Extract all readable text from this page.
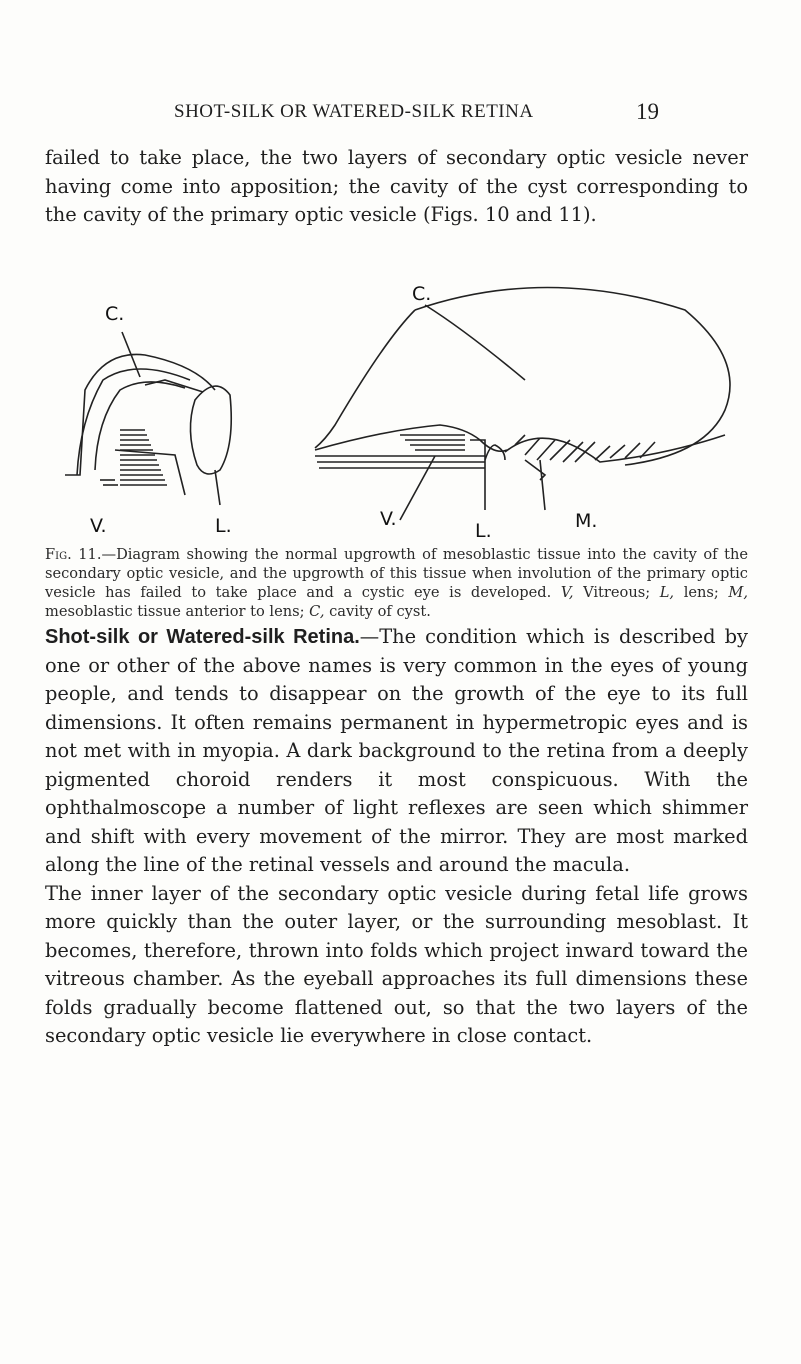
SHOT-SILK OR WATERED-SILK RETINA	19

failed to take place, the two layers of secondary optic vesicle never having come into apposition; the cavity of the cyst corresponding to the cavity of the primary optic vesicle (Figs. 10 and 11).

C.
V.	L.
C.
V.
L.	M.

Fig. 11.—Diagram showing the normal upgrowth of mesoblastic tissue into the cavity of the secondary optic vesicle, and the upgrowth of this tissue when involution of the primary optic vesicle has failed to take place and a cystic eye is developed. V, Vitreous; L, lens; M, mesoblastic tissue anterior to lens; C, cavity of cyst.

Shot-silk or Watered-silk Retina.—The condition which is described by one or other of the above names is very common in the eyes of young people, and tends to disappear on the growth of the eye to its full dimensions. It often remains permanent in hypermetropic eyes and is not met with in myopia. A dark background to the retina from a deeply pigmented choroid renders it most conspicuous. With the ophthalmoscope a number of light reflexes are seen which shimmer and shift with every movement of the mirror. They are most marked along the line of the retinal vessels and around the macula.

The inner layer of the secondary optic vesicle during fetal life grows more quickly than the outer layer, or the surrounding mesoblast. It becomes, therefore, thrown into folds which project inward toward the vitreous chamber. As the eyeball approaches its full dimensions these folds gradually become flattened out, so that the two layers of the secondary optic vesicle lie everywhere in close contact.
